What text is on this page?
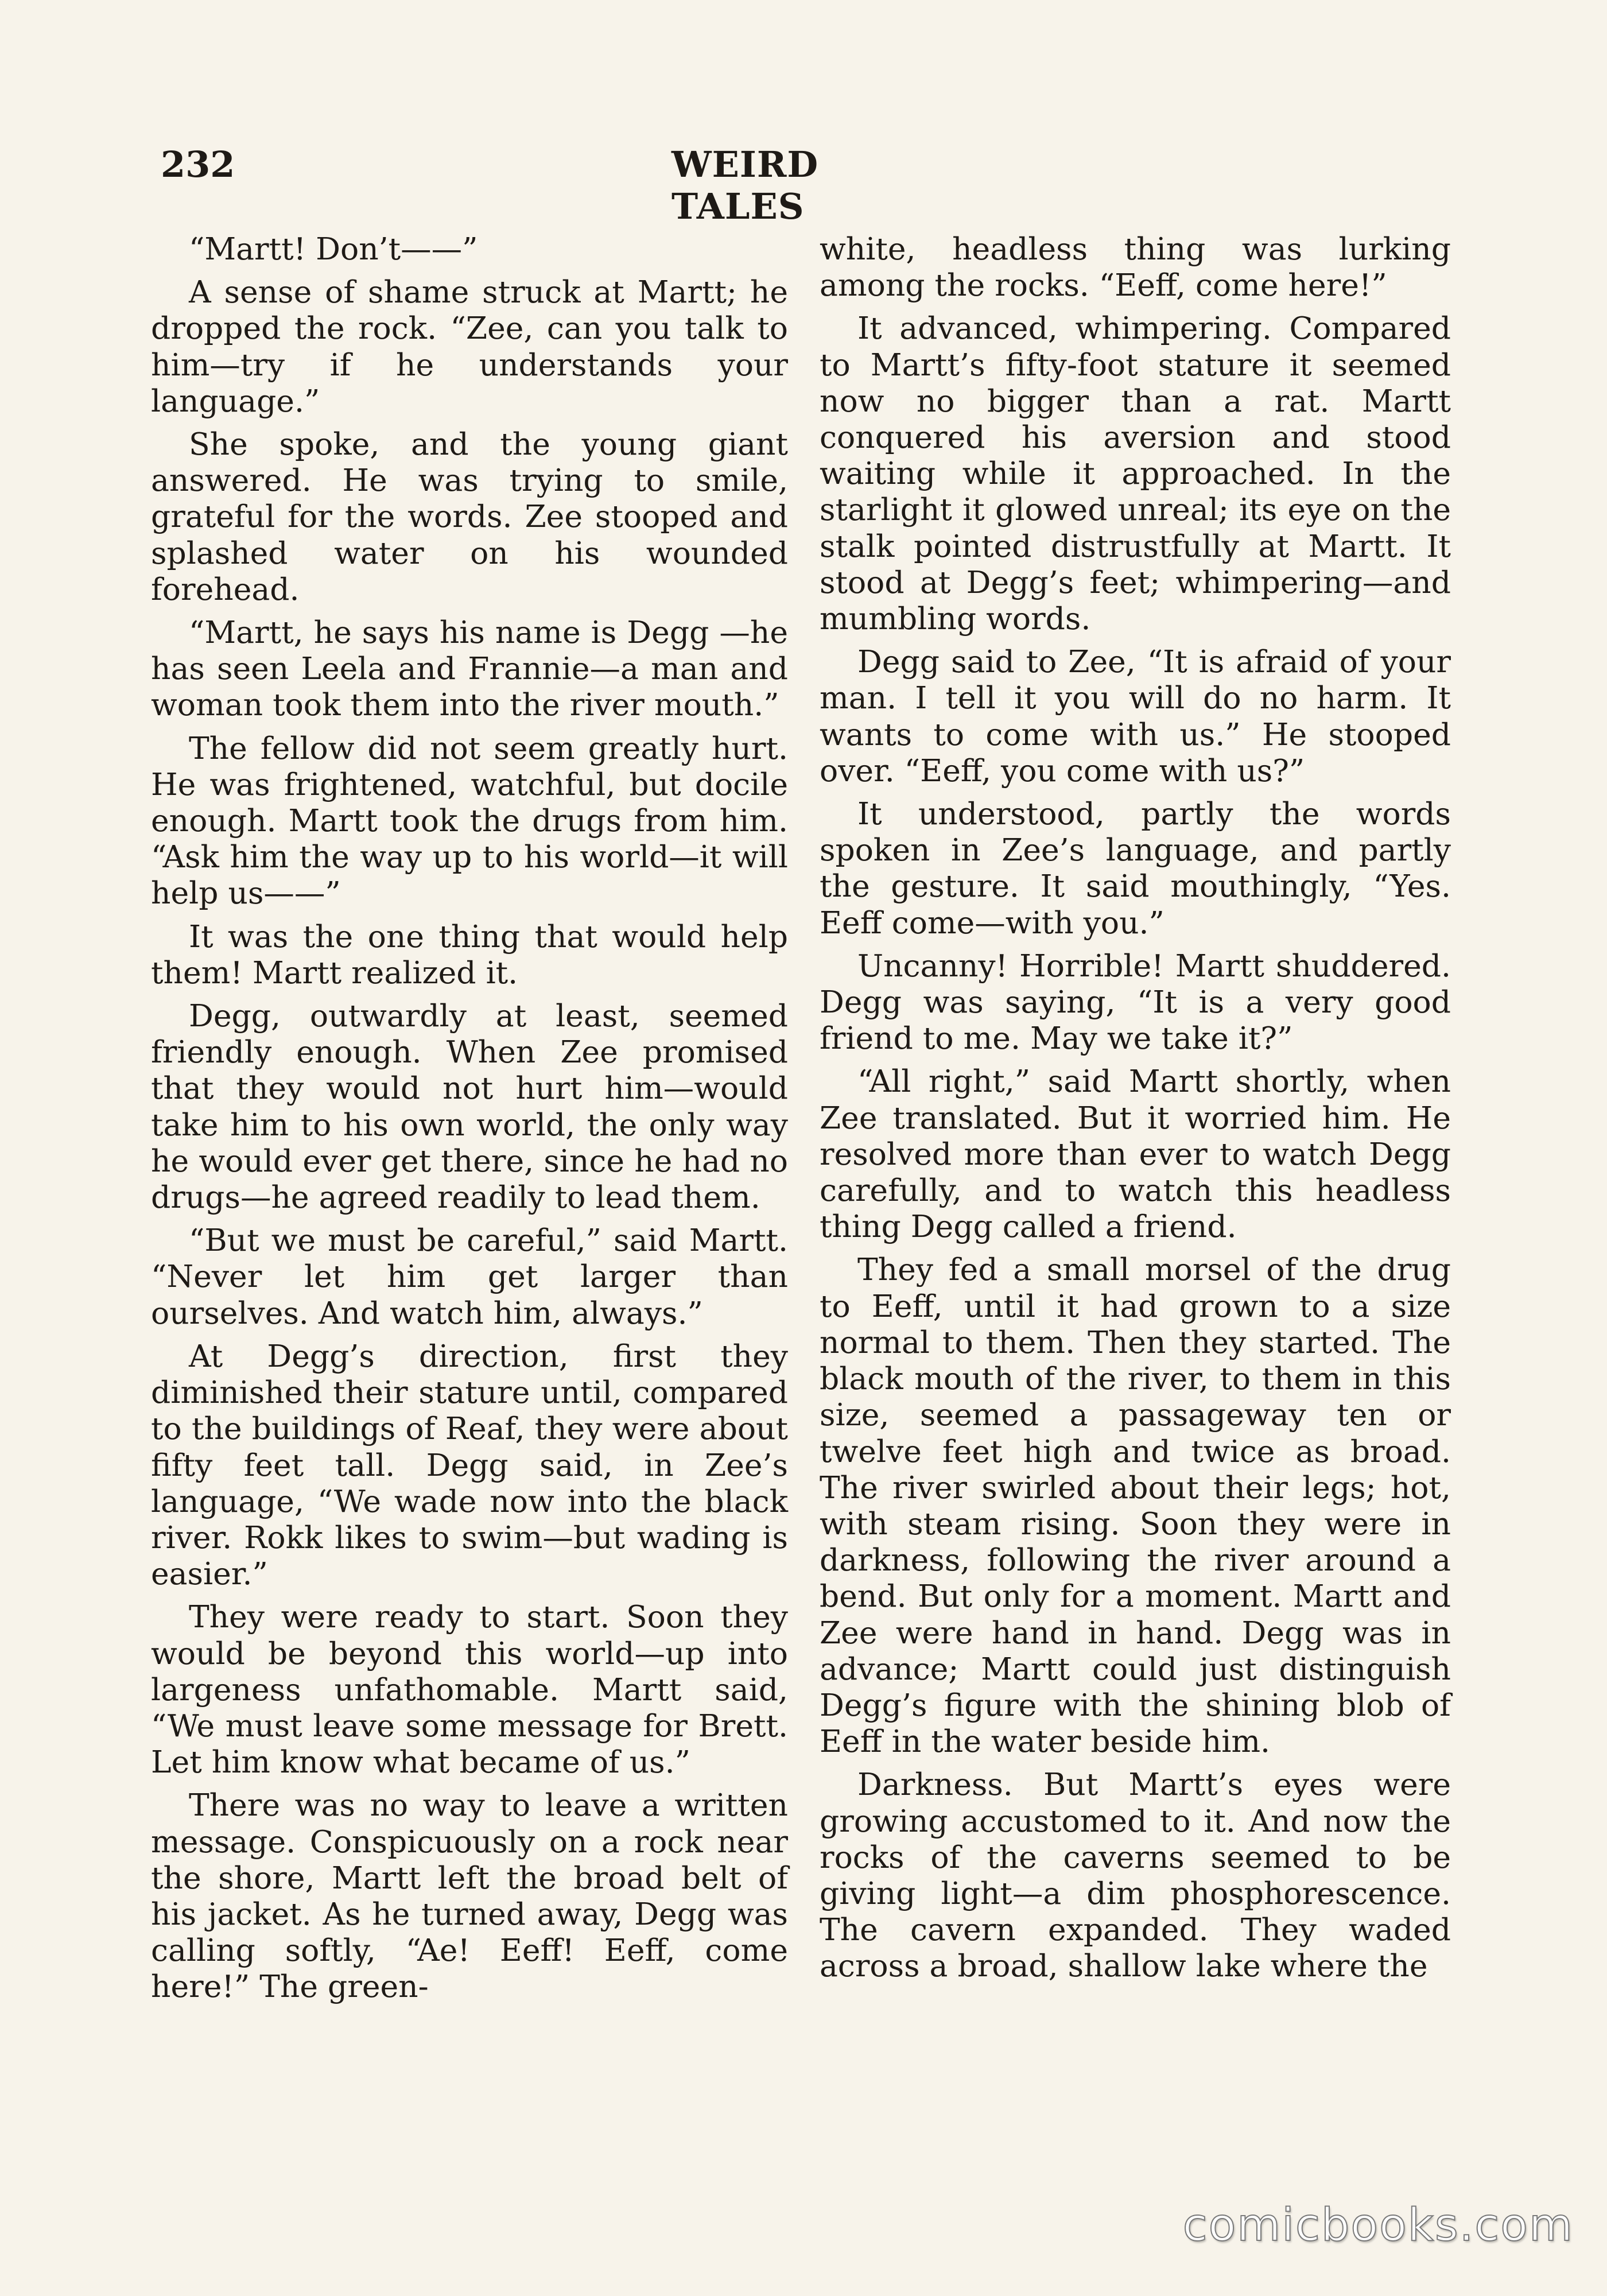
232	WEIRD TALES

“Martt! Don’t——”

A sense of shame struck at Martt; he dropped the rock. “Zee, can you talk to him—try if he understands your language.”

She spoke, and the young giant answered. He was trying to smile, grateful for the words. Zee stooped and splashed water on his wounded forehead.

“Martt, he says his name is Degg —he has seen Leela and Frannie—a man and woman took them into the river mouth.”

The fellow did not seem greatly hurt. He was frightened, watchful, but docile enough. Martt took the drugs from him. “Ask him the way up to his world—it will help us——”

It was the one thing that would help them! Martt realized it.

Degg, outwardly at least, seemed friendly enough. When Zee promised that they would not hurt him—would take him to his own world, the only way he would ever get there, since he had no drugs—he agreed readily to lead them.

“But we must be careful,” said Martt. “Never let him get larger than ourselves. And watch him, always.”

At Degg’s direction, first they diminished their stature until, compared to the buildings of Reaf, they were about fifty feet tall. Degg said, in Zee’s language, “We wade now into the black river. Rokk likes to swim—but wading is easier.”

They were ready to start. Soon they would be beyond this world—up into largeness unfathomable. Martt said, “We must leave some message for Brett. Let him know what became of us.”

There was no way to leave a written message. Conspicuously on a rock near the shore, Martt left the broad belt of his jacket. As he turned away, Degg was calling softly, “Ae! Eeff! Eeff, come here!” The green-

white, headless thing was lurking among the rocks. “Eeff, come here!”

It advanced, whimpering. Compared to Martt’s fifty-foot stature it seemed now no bigger than a rat. Martt conquered his aversion and stood waiting while it approached. In the starlight it glowed unreal; its eye on the stalk pointed distrustfully at Martt. It stood at Degg’s feet; whimpering—and mumbling words.

Degg said to Zee, “It is afraid of your man. I tell it you will do no harm. It wants to come with us.” He stooped over. “Eeff, you come with us?”

It understood, partly the words spoken in Zee’s language, and partly the gesture. It said mouthingly, “Yes. Eeff come—with you.”

Uncanny! Horrible! Martt shuddered. Degg was saying, “It is a very good friend to me. May we take it?”

“All right,” said Martt shortly, when Zee translated. But it worried him. He resolved more than ever to watch Degg carefully, and to watch this headless thing Degg called a friend.

They fed a small morsel of the drug to Eeff, until it had grown to a size normal to them. Then they started. The black mouth of the river, to them in this size, seemed a passageway ten or twelve feet high and twice as broad. The river swirled about their legs; hot, with steam rising. Soon they were in darkness, following the river around a bend. But only for a moment. Martt and Zee were hand in hand. Degg was in advance; Martt could just distinguish Degg’s figure with the shining blob of Eeff in the water beside him.

Darkness. But Martt’s eyes were growing accustomed to it. And now the rocks of the caverns seemed to be giving light—a dim phosphorescence. The cavern expanded. They waded across a broad, shallow lake where the

comicbooks.com
